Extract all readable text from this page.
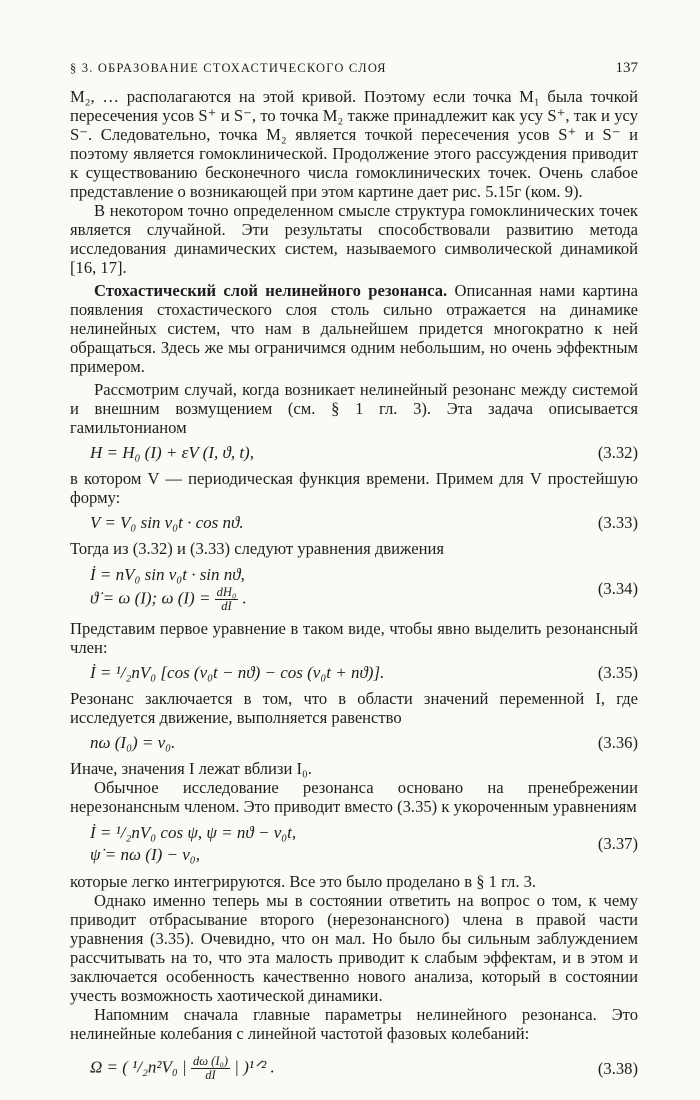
§ 3. ОБРАЗОВАНИЕ СТОХАСТИЧЕСКОГО СЛОЯ	137

M₂, … располагаются на этой кривой. Поэтому если точка M₁ была точкой пересечения усов S⁺ и S⁻, то точка M₂ также принадлежит как усу S⁺, так и усу S⁻. Следовательно, точка M₂ является точкой пересечения усов S⁺ и S⁻ и поэтому является гомоклинической. Продолжение этого рассуждения приводит к существованию бесконечного числа гомоклинических точек. Очень слабое представление о возникающей при этом картине дает рис. 5.15г (ком. 9).

В некотором точно определенном смысле структура гомоклинических точек является случайной. Эти результаты способствовали развитию метода исследования динамических систем, называемого символической динамикой [16, 17].

Стохастический слой нелинейного резонанса. Описанная нами картина появления стохастического слоя столь сильно отражается на динамике нелинейных систем, что нам в дальнейшем придется многократно к ней обращаться. Здесь же мы ограничимся одним небольшим, но очень эффектным примером.

Рассмотрим случай, когда возникает нелинейный резонанс между системой и внешним возмущением (см. § 1 гл. 3). Эта задача описывается гамильтонианом

H = H₀ (I) + εV (I, ϑ, t),	(3.32)

в котором V — периодическая функция времени. Примем для V простейшую форму:

V = V₀ sin ν₀t · cos nϑ.	(3.33)

Тогда из (3.32) и (3.33) следуют уравнения движения

İ = nV₀ sin ν₀t · sin nϑ,
ϑ̇ = ω (I); ω $(I) = \frac{\text{dH₀}}{dI}$ .
(3.34)

Представим первое уравнение в таком виде, чтобы явно выделить резонансный член:

İ = ¹/₂nV₀ [cos (ν₀t − nϑ) − cos (ν₀t + nϑ)].	(3.35)

Резонанс заключается в том, что в области значений переменной I, где исследуется движение, выполняется равенство

nω (I₀) = ν₀.	(3.36)

Иначе, значения I лежат вблизи I₀.

Обычное исследование резонанса основано на пренебрежении нерезонансным членом. Это приводит вместо (3.35) к укороченным уравнениям

İ = ¹/₂nV₀ cos ψ, ψ = nϑ − ν₀t,
ψ̇ = nω (I) − ν₀,
(3.37)

которые легко интегрируются. Все это было проделано в § 1 гл. 3.

Однако именно теперь мы в состоянии ответить на вопрос о том, к чему приводит отбрасывание второго (нерезонансного) члена в правой части уравнения (3.35). Очевидно, что он мал. Но было бы сильным заблуждением рассчитывать на то, что эта малость приводит к слабым эффектам, и в этом и заключается особенность качественно нового анализа, который в состоянии учесть возможность хаотической динамики.

Напомним сначала главные параметры нелинейного резонанса. Это нелинейные колебания с линейной частотой фазовых колебаний:

Ω = ( ¹/₂n²V₀ | $\frac{\text{dω (I₀)}}{dI}$ | )¹ᐟ² .	(3.38)
